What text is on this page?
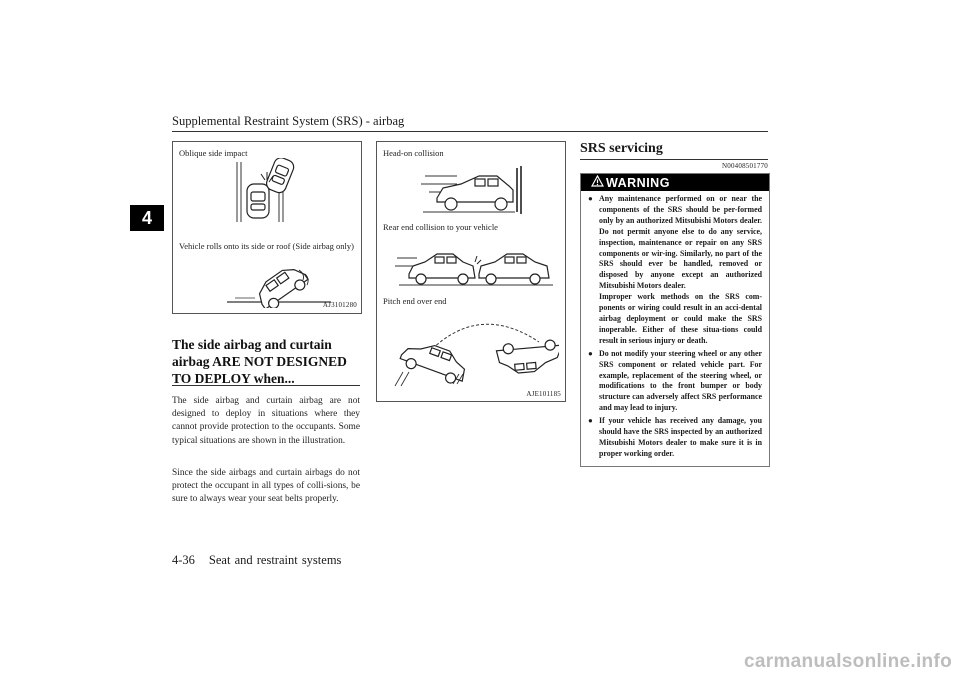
Supplemental Restraint System (SRS) - airbag
4
Oblique side impact
Vehicle rolls onto its side or roof (Side airbag only)
AJ3101280
The side airbag and curtain airbag ARE NOT DESIGNED TO DEPLOY when...
The side airbag and curtain airbag are not designed to deploy in situations where they cannot provide protection to the occupants. Some typical situations are shown in the illustration.
Since the side airbags and curtain airbags do not protect the occupant in all types of colli-sions, be sure to always wear your seat belts properly.
Head-on collision
Rear end collision to your vehicle
Pitch end over end
AJE101185
SRS servicing
N00408501770
WARNING
● Any maintenance performed on or near the components of the SRS should be per-formed only by an authorized Mitsubishi Motors dealer. Do not permit anyone else to do any service, inspection, maintenance or repair on any SRS components or wir-ing. Similarly, no part of the SRS should ever be handled, removed or disposed by anyone except an authorized Mitsubishi Motors dealer.
Improper work methods on the SRS com-ponents or wiring could result in an acci-dental airbag deployment or could make the SRS inoperable. Either of these situa-tions could result in serious injury or death.
● Do not modify your steering wheel or any other SRS component or related vehicle part. For example, replacement of the steering wheel, or modifications to the front bumper or body structure can adversely affect SRS performance and may lead to injury.
● If your vehicle has received any damage, you should have the SRS inspected by an authorized Mitsubishi Motors dealer to make sure it is in proper working order.
4-36 Seat and restraint systems
carmanualsonline.info
